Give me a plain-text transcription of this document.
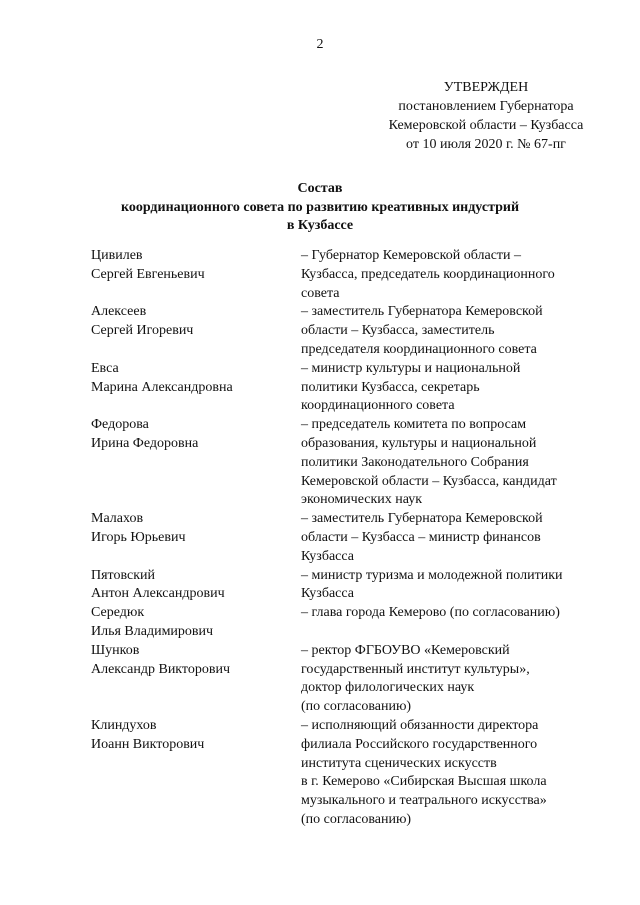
2
УТВЕРЖДЕН
постановлением Губернатора
Кемеровской области – Кузбасса
от 10 июля 2020 г. № 67-пг
Состав
координационного совета по развитию креативных индустрий
в Кузбассе
Цивилев
Сергей Евгеньевич
– Губернатор Кемеровской области –
Кузбасса, председатель координационного
совета
Алексеев
Сергей Игоревич
– заместитель Губернатора Кемеровской
области – Кузбасса, заместитель
председателя координационного совета
Евса
Марина Александровна
– министр культуры и национальной
политики Кузбасса, секретарь
координационного совета
Федорова
Ирина Федоровна
– председатель комитета по вопросам
образования, культуры и национальной
политики Законодательного Собрания
Кемеровской области – Кузбасса, кандидат
экономических наук
Малахов
Игорь Юрьевич
– заместитель Губернатора Кемеровской
области – Кузбасса – министр финансов
Кузбасса
Пятовский
Антон Александрович
– министр туризма и молодежной политики
Кузбасса
Середюк
Илья Владимирович
– глава города Кемерово (по согласованию)
Шунков
Александр Викторович
– ректор ФГБОУВО «Кемеровский
государственный институт культуры»,
доктор филологических наук
(по согласованию)
Клиндухов
Иоанн Викторович
– исполняющий обязанности директора
филиала Российского государственного
института сценических искусств
в г. Кемерово «Сибирская Высшая школа
музыкального и театрального искусства»
(по согласованию)
